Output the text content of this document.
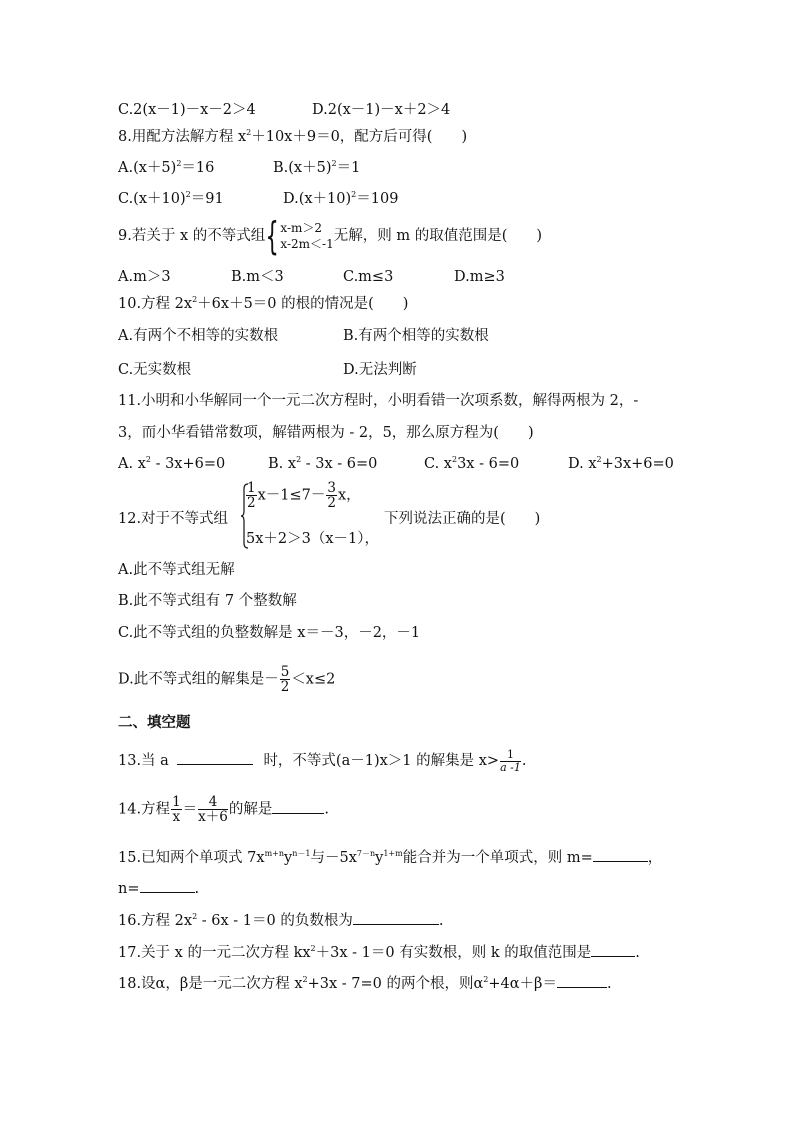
C.2(x－1)－x－2＞4	D.2(x－1)－x＋2＞4
8.用配方法解方程 $x^2+10x+9=0$，配方后可得(　　)
$A.(x+5)^2=16$	$B.(x+5)^2=1$
$C.(x+10)^2=91$	$D.(x+10)^2=109$
9.若关于 x 的不等式组{ x-m＞2
x-2m＜-1 无解，则 m 的取值范围是(　　)
A.m＞3	B.m＜3	C.m≤3	D.m≥3
10.方程 $2x^2+6x+5=0$ 的根的情况是(　　)
A.有两个不相等的实数根	B.有两个相等的实数根
C.无实数根	D.无法判断
11.小明和小华解同一个一元二次方程时，小明看错一次项系数，解得两根为 2，-
3，而小华看错常数项，解错两根为 - 2，5，那么原方程为(　　)
A. $x^2 - 3x+6=0$	B. $x^2 - 3x - 6=0$	C. $x^23x - 6=0$	D. $x^2+3x+6=0$
12.对于不等式组
$\frac{1}{2} x-1\le 7- \frac{3}{2}$ x，
5x＋2＞3（x－1），
下列说法正确的是(　　)
A.此不等式组无解
B.此不等式组有 7 个整数解
C.此不等式组的负整数解是 x＝－3，－2，－1
D.此不等式组的解集是－ $\frac{5}{2} <x\le 2$
二、填空题
13.当 a	时，不等式(a－1)x＞1 的解集是 $x> \frac{1}{a -1}$ .
14.方程 $\frac{1}{x} = \frac{4}{x+6}$ 的解是	.
15.已知两个单项式 $7x^{m+n}y^{n-1}$与$-5x^{7-n}y^{1+m}$能合并为一个单项式，则 m=	，
n=	.
16.方程 $2x^2 - 6x - 1=0$ 的负数根为	.
17.关于 x 的一元二次方程 $kx^2+3x - 1=0$ 有实数根，则 k 的取值范围是	.
18.设α，β是一元二次方程 $x^2+3x - 7=0$ 的两个根，则$\alpha^2+4\alpha+\beta=$	.
